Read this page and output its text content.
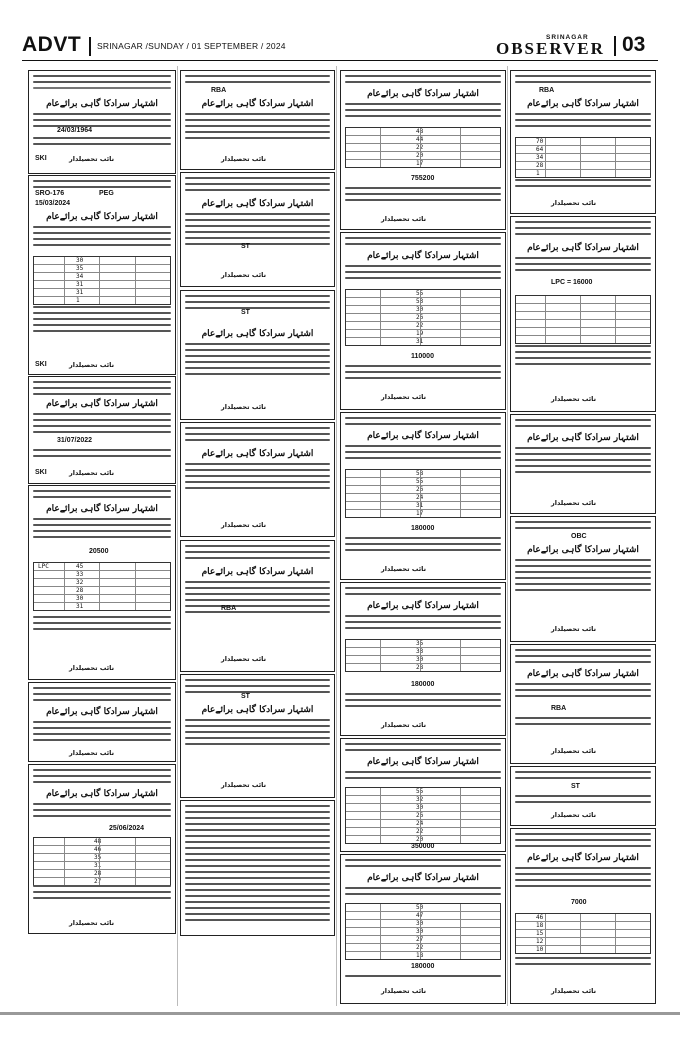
ADVT SRINAGAR /SUNDAY / 01 SEPTEMBER / 2024
SRINAGAR
OBSERVER 03
اشتہار سرادکا گاہی برائےعام
24/03/1964
SKI	نائب تحصیلدار
SRO-176	PEG
15/03/2024
اشتہار سرادکا گاہی برائےعام
30
35
34
31
31
1
SKI	نائب تحصیلدار
اشتہار سرادکا گاہی برائےعام
31/07/2022
SKI	نائب تحصیلدار
اشتہار سرادکا گاہی برائےعام
20500
LPC	45
33
32
28
30
31
نائب تحصیلدار
اشتہار سرادکا گاہی برائےعام
نائب تحصیلدار
اشتہار سرادکا گاہی برائےعام
25/06/2024
48
46
35
31
28
27
نائب تحصیلدار
RBA
اشتہار سرادکا گاہی برائےعام
نائب تحصیلدار
اشتہار سرادکا گاہی برائےعام
ST
نائب تحصیلدار
ST
اشتہار سرادکا گاہی برائےعام
نائب تحصیلدار
اشتہار سرادکا گاہی برائےعام
نائب تحصیلدار
اشتہار سرادکا گاہی برائےعام
RBA
نائب تحصیلدار
ST
اشتہار سرادکا گاہی برائےعام
نائب تحصیلدار
اشتہار سرادکا گاہی برائےعام
48
44
22
20
17
755200
نائب تحصیلدار
اشتہار سرادکا گاہی برائےعام
55
53
30
26
22
19
31
110000
نائب تحصیلدار
اشتہار سرادکا گاہی برائےعام
58
55
26
24
31
17
180000
نائب تحصیلدار
اشتہار سرادکا گاہی برائےعام
35
33
30
28
180000
نائب تحصیلدار
اشتہار سرادکا گاہی برائےعام
55
32
30
26
24
22
20
350000
اشتہار سرادکا گاہی برائےعام
50
47
30
30
27
22
18
180000
نائب تحصیلدار
RBA
اشتہار سرادکا گاہی برائےعام
70
64
34
28
1
نائب تحصیلدار
اشتہار سرادکا گاہی برائےعام
LPC = 16000
نائب تحصیلدار
اشتہار سرادکا گاہی برائےعام
نائب تحصیلدار
OBC
اشتہار سرادکا گاہی برائےعام
نائب تحصیلدار
اشتہار سرادکا گاہی برائےعام
RBA
نائب تحصیلدار
ST
نائب تحصیلدار
اشتہار سرادکا گاہی برائےعام
7000
46
18
15
12
10
نائب تحصیلدار
